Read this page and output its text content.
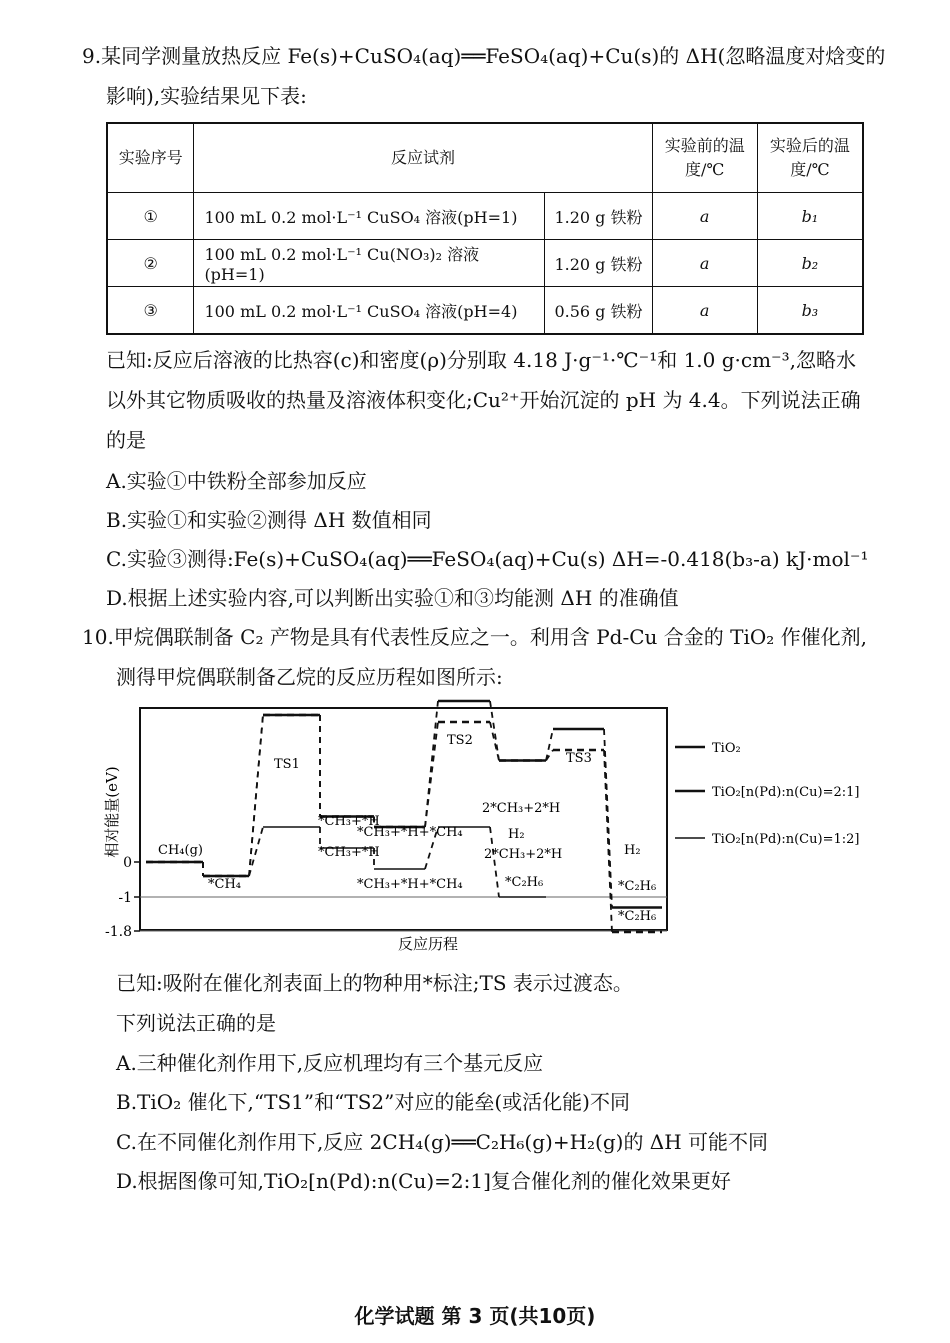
9.某同学测量放热反应 Fe(s)+CuSO₄(aq)══FeSO₄(aq)+Cu(s)的 ΔH(忽略温度对焓变的
影响),实验结果见下表:
实验序号	反应试剂		实验前的温度/℃	实验后的温度/℃
①	100 mL 0.2 mol·L⁻¹ CuSO₄ 溶液(pH=1)	1.20 g 铁粉	a	b₁
②	100 mL 0.2 mol·L⁻¹ Cu(NO₃)₂ 溶液(pH=1)	1.20 g 铁粉	a	b₂
③	100 mL 0.2 mol·L⁻¹ CuSO₄ 溶液(pH=4)	0.56 g 铁粉	a	b₃
已知:反应后溶液的比热容(c)和密度(ρ)分别取 4.18 J·g⁻¹·℃⁻¹和 1.0 g·cm⁻³,忽略水
以外其它物质吸收的热量及溶液体积变化;Cu²⁺开始沉淀的 pH 为 4.4。下列说法正确
的是
A.实验①中铁粉全部参加反应
B.实验①和实验②测得 ΔH 数值相同
C.实验③测得:Fe(s)+CuSO₄(aq)══FeSO₄(aq)+Cu(s) ΔH=-0.418(b₃-a) kJ·mol⁻¹
D.根据上述实验内容,可以判断出实验①和③均能测 ΔH 的准确值
10.甲烷偶联制备 C₂ 产物是具有代表性反应之一。利用含 Pd-Cu 合金的 TiO₂ 作催化剂,
测得甲烷偶联制备乙烷的反应历程如图所示:
0
-1
-1.8
CH₄(g)
*CH₄
TS1
*CH₃+*H
*CH₃+*H
*CH₃+*H+*CH₄
*CH₃+*H+*CH₄
TS2
2*CH₃+2*H
H₂
2*CH₃+2*H
*C₂H₆
TS3
H₂
*C₂H₆
*C₂H₆
相对能量(eV)
反应历程
TiO₂
TiO₂[n(Pd):n(Cu)=2:1]
TiO₂[n(Pd):n(Cu)=1:2]
已知:吸附在催化剂表面上的物种用*标注;TS 表示过渡态。
下列说法正确的是
A.三种催化剂作用下,反应机理均有三个基元反应
B.TiO₂ 催化下,“TS1”和“TS2”对应的能垒(或活化能)不同
C.在不同催化剂作用下,反应 2CH₄(g)══C₂H₆(g)+H₂(g)的 ΔH 可能不同
D.根据图像可知,TiO₂[n(Pd):n(Cu)=2:1]复合催化剂的催化效果更好
化学试题 第 3 页(共10页)
